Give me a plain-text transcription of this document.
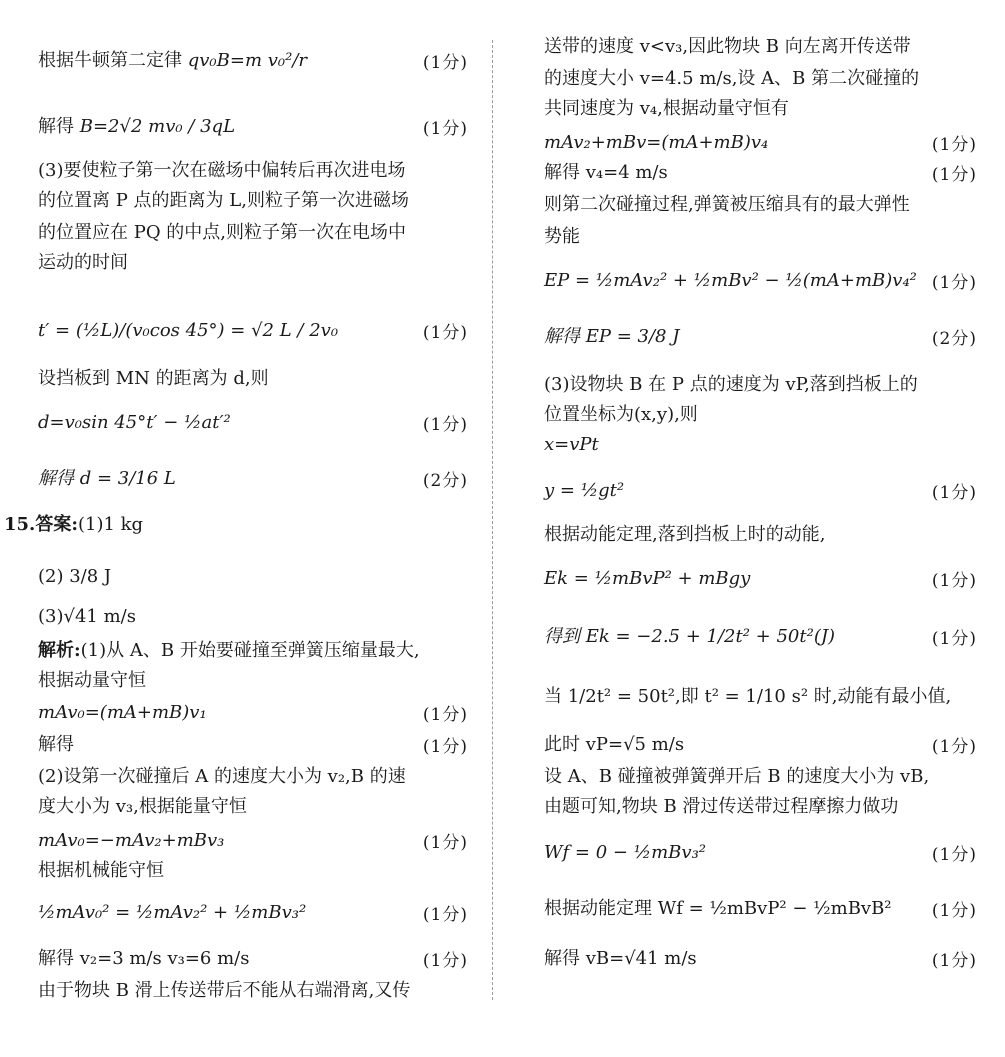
根据牛顿第二定律 qv₀B=m v₀²/r	(1分)
解得 B=2√2 mv₀ / 3qL	(1分)
(3)要使粒子第一次在磁场中偏转后再次进电场
的位置离 P 点的距离为 L,则粒子第一次进磁场
的位置应在 PQ 的中点,则粒子第一次在电场中
运动的时间
t′ = (½L)/(v₀cos 45°) = √2 L / 2v₀	(1分)
设挡板到 MN 的距离为 d,则
d=v₀sin 45°t′ − ½at′²	(1分)
解得 d = 3/16 L	(2分)
15.答案:(1)1 kg
(2) 3/8 J
(3)√41 m/s
解析:(1)从 A、B 开始要碰撞至弹簧压缩量最大,
根据动量守恒
mAv₀=(mA+mB)v₁	(1分)
解得	(1分)
(2)设第一次碰撞后 A 的速度大小为 v₂,B 的速
度大小为 v₃,根据能量守恒
mAv₀=−mAv₂+mBv₃	(1分)
根据机械能守恒
½mAv₀² = ½mAv₂² + ½mBv₃²	(1分)
解得 v₂=3 m/s v₃=6 m/s	(1分)
由于物块 B 滑上传送带后不能从右端滑离,又传
送带的速度 v<v₃,因此物块 B 向左离开传送带
的速度大小 v=4.5 m/s,设 A、B 第二次碰撞的
共同速度为 v₄,根据动量守恒有
mAv₂+mBv=(mA+mB)v₄	(1分)
解得 v₄=4 m/s	(1分)
则第二次碰撞过程,弹簧被压缩具有的最大弹性
势能
EP = ½mAv₂² + ½mBv² − ½(mA+mB)v₄² (1分)
解得 EP = 3/8 J	(2分)
(3)设物块 B 在 P 点的速度为 vP,落到挡板上的
位置坐标为(x,y),则
x=vPt
y = ½gt²	(1分)
根据动能定理,落到挡板上时的动能,
Ek = ½mBvP² + mBgy	(1分)
得到 Ek = −2.5 + 1/2t² + 50t²(J)	(1分)
当 1/2t² = 50t²,即 t² = 1/10 s² 时,动能有最小值,
此时 vP=√5 m/s	(1分)
设 A、B 碰撞被弹簧弹开后 B 的速度大小为 vB,
由题可知,物块 B 滑过传送带过程摩擦力做功
Wf = 0 − ½mBv₃²	(1分)
根据动能定理 Wf = ½mBvP² − ½mBvB² (1分)
解得 vB=√41 m/s	(1分)
